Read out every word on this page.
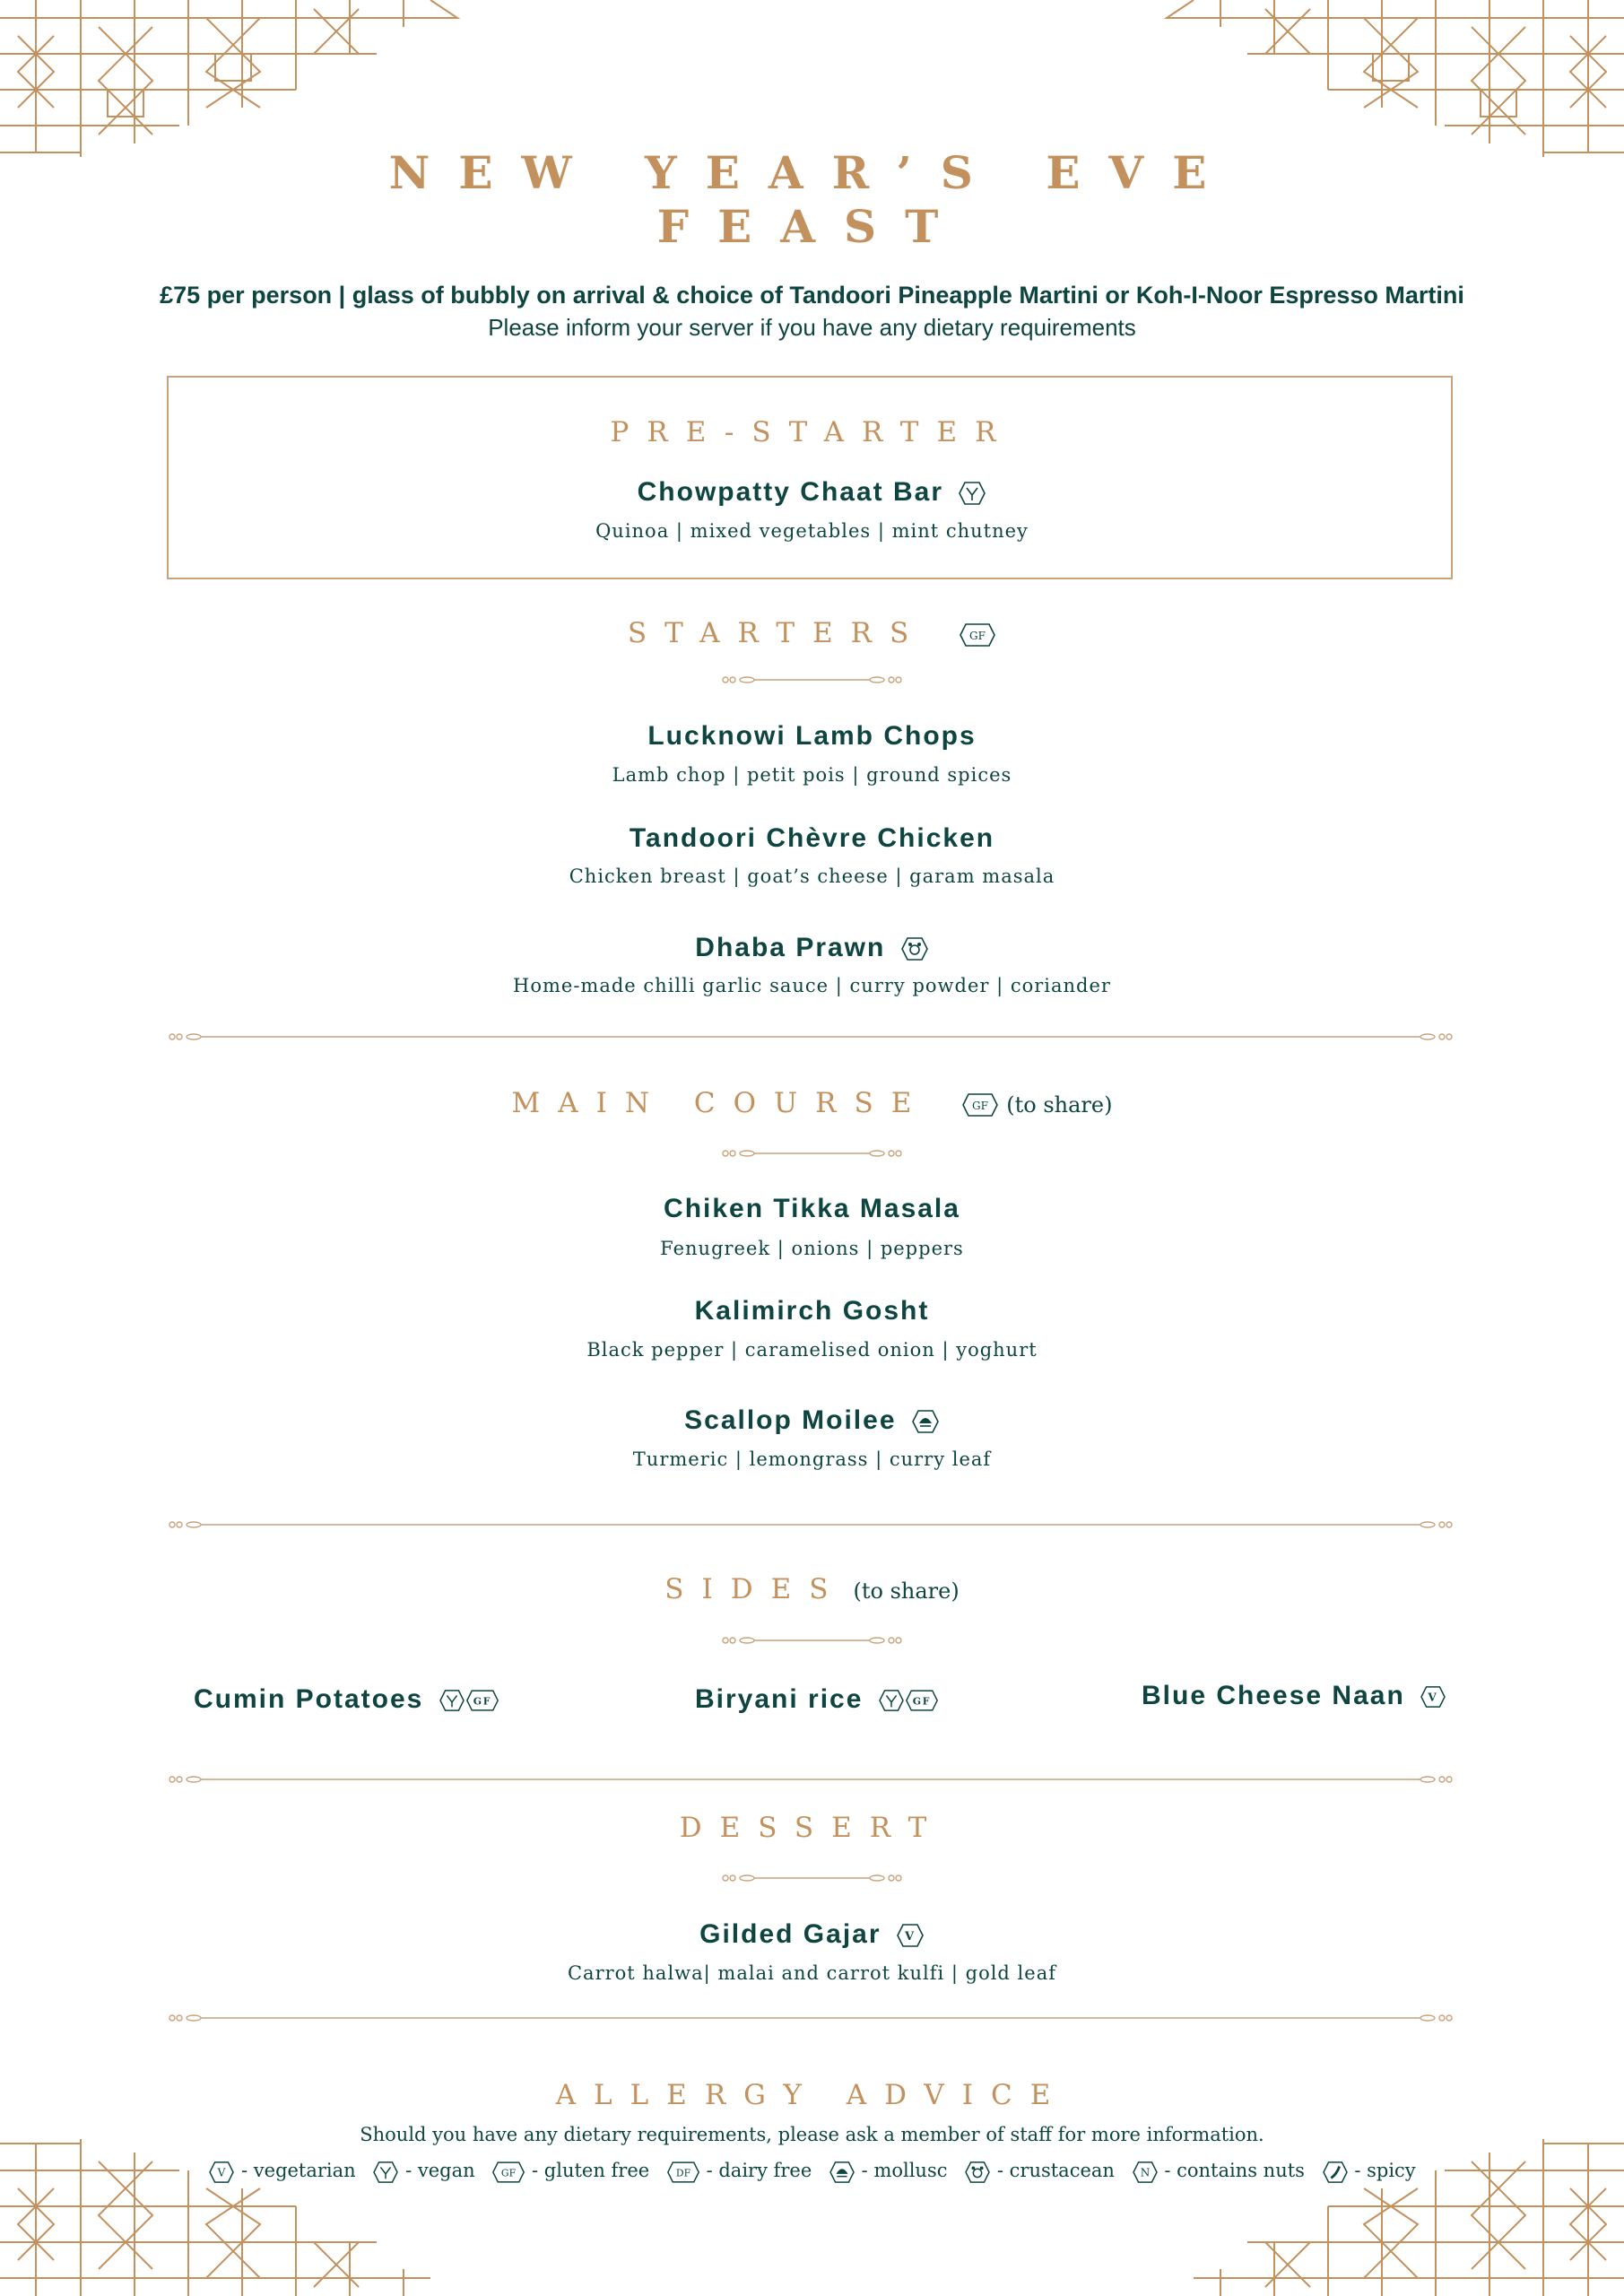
NEW YEAR’S EVE
FEAST
£75 per person | glass of bubbly on arrival & choice of Tandoori Pineapple Martini or Koh-I-Noor Espresso Martini
Please inform your server if you have any dietary requirements
PRE-STARTER
Chowpatty Chaat Bar
Quinoa | mixed vegetables | mint chutney
STARTERS	GF
Lucknowi Lamb Chops
Lamb chop | petit pois | ground spices
Tandoori Chèvre Chicken
Chicken breast | goat’s cheese | garam masala
Dhaba Prawn
Home-made chilli garlic sauce | curry powder | coriander
MAIN COURSE	GF (to share)
Chiken Tikka Masala
Fenugreek | onions | peppers
Kalimirch Gosht
Black pepper | caramelised onion | yoghurt
Scallop Moilee
Turmeric | lemongrass | curry leaf
SIDES (to share)
Cumin Potatoes	GF	Biryani rice	GF	Blue Cheese Naan V
DESSERT
Gilded Gajar V
Carrot halwa| malai and carrot kulfi | gold leaf
ALLERGY ADVICE
Should you have any dietary requirements, please ask a member of staff for more information.
V - vegetarian	- vegan GF - gluten free DF - dairy free	- mollusc	- crustacean N - contains nuts	- spicy
